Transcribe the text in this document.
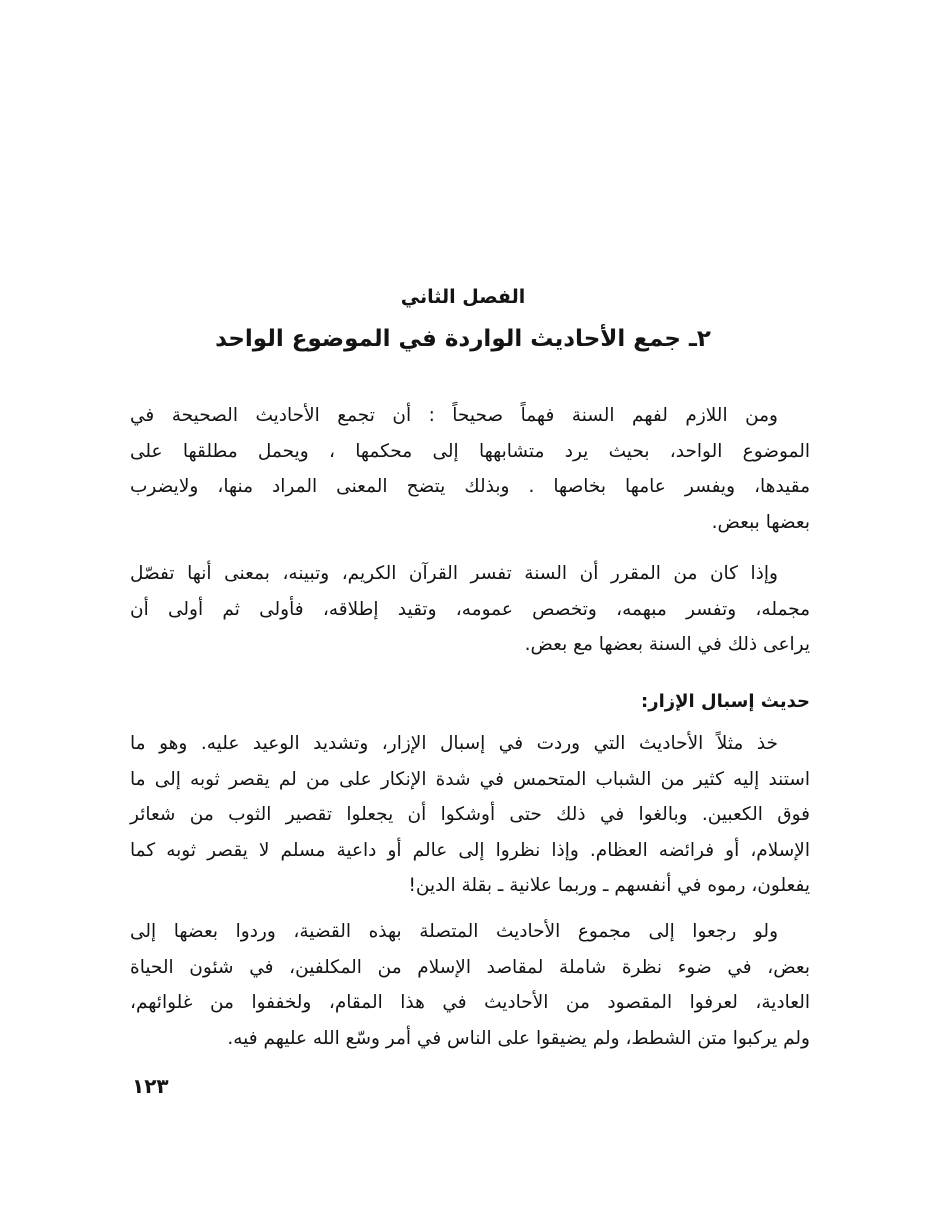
الفصل الثاني
٢ـ جمع الأحاديث الواردة في الموضوع الواحد

ومن اللازم لفهم السنة فهماً صحيحاً : أن تجمع الأحاديث الصحيحة في
الموضوع الواحد، بحيث يرد متشابهها إلى محكمها ، ويحمل مطلقها على
مقيدها، ويفسر عامها بخاصها . وبذلك يتضح المعنى المراد منها، ولايضرب
بعضها ببعض.

وإذا كان من المقرر أن السنة تفسر القرآن الكريم، وتبينه، بمعنى أنها تفصّل
مجمله، وتفسر مبهمه، وتخصص عمومه، وتقيد إطلاقه، فأولى ثم أولى أن
يراعى ذلك في السنة بعضها مع بعض.

حديث إسبال الإزار:

خذ مثلاً الأحاديث التي وردت في إسبال الإزار، وتشديد الوعيد عليه. وهو ما
استند إليه كثير من الشباب المتحمس في شدة الإنكار على من لم يقصر ثوبه إلى ما
فوق الكعبين. وبالغوا في ذلك حتى أوشكوا أن يجعلوا تقصير الثوب من شعائر
الإسلام، أو فرائضه العظام. وإذا نظروا إلى عالم أو داعية مسلم لا يقصر ثوبه كما
يفعلون، رموه في أنفسهم ـ وربما علانية ـ بقلة الدين!

ولو رجعوا إلى مجموع الأحاديث المتصلة بهذه القضية، وردوا بعضها إلى
بعض، في ضوء نظرة شاملة لمقاصد الإسلام من المكلفين، في شئون الحياة
العادية، لعرفوا المقصود من الأحاديث في هذا المقام، ولخففوا من غلوائهم،
ولم يركبوا متن الشطط، ولم يضيقوا على الناس في أمر وسّع الله عليهم فيه.

١٢٣
